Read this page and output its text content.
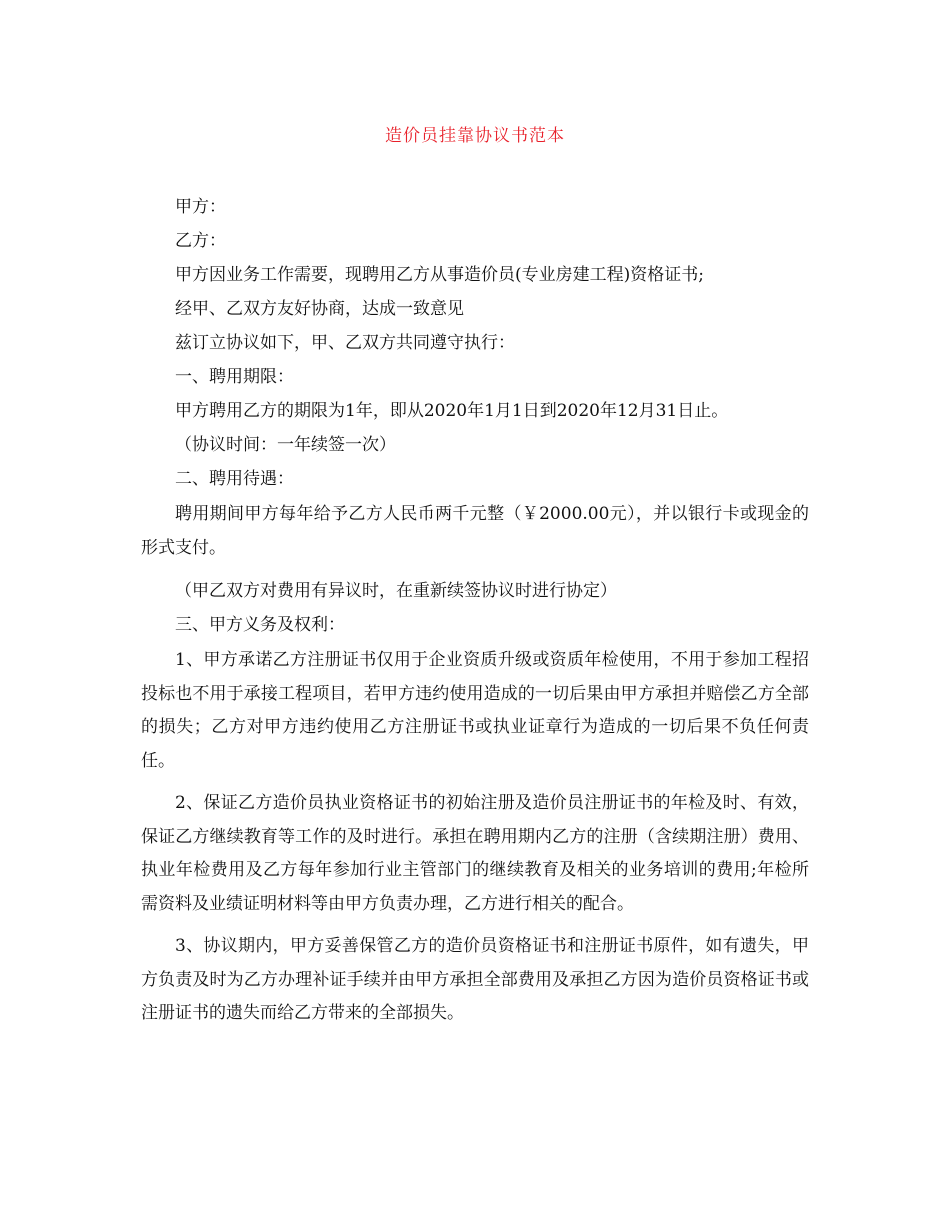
造价员挂靠协议书范本

甲方：

乙方：

甲方因业务工作需要，现聘用乙方从事造价员(专业房建工程)资格证书;

经甲、乙双方友好协商，达成一致意见

兹订立协议如下，甲、乙双方共同遵守执行：

一、聘用期限：

甲方聘用乙方的期限为1年，即从2020年1月1日到2020年12月31日止。

（协议时间：一年续签一次）

二、聘用待遇：

聘用期间甲方每年给予乙方人民币两千元整（￥2000.00元），并以银行卡或现金的形式支付。

（甲乙双方对费用有异议时，在重新续签协议时进行协定）

三、甲方义务及权利：

1、甲方承诺乙方注册证书仅用于企业资质升级或资质年检使用，不用于参加工程招投标也不用于承接工程项目，若甲方违约使用造成的一切后果由甲方承担并赔偿乙方全部的损失；乙方对甲方违约使用乙方注册证书或执业证章行为造成的一切后果不负任何责任。

2、保证乙方造价员执业资格证书的初始注册及造价员注册证书的年检及时、有效，保证乙方继续教育等工作的及时进行。承担在聘用期内乙方的注册（含续期注册）费用、执业年检费用及乙方每年参加行业主管部门的继续教育及相关的业务培训的费用;年检所需资料及业绩证明材料等由甲方负责办理，乙方进行相关的配合。

3、协议期内，甲方妥善保管乙方的造价员资格证书和注册证书原件，如有遗失，甲方负责及时为乙方办理补证手续并由甲方承担全部费用及承担乙方因为造价员资格证书或注册证书的遗失而给乙方带来的全部损失。
